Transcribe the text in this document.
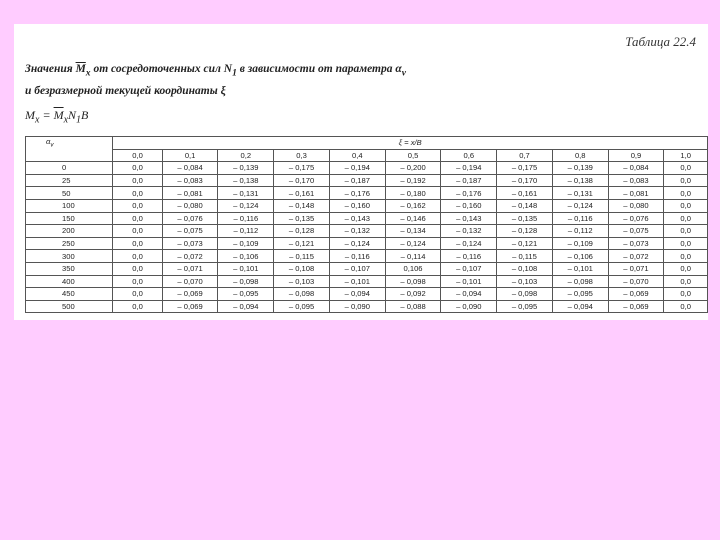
Таблица 22.4
Значения $\overline{M}_x$ от сосредоточенных сил $N_1$ в зависимости от параметра $\alpha_v$
и безразмерной текущей координаты ξ
$M_x = \overline{M}_xN_1B$
$\alpha_v$	ξ = x/B										
	0,0	0,1	0,2	0,3	0,4	0,5	0,6	0,7	0,8	0,9	1,0
0	0,0	– 0,084	– 0,139	– 0,175	– 0,194	– 0,200	– 0,194	– 0,175	– 0,139	– 0,084	0,0
25	0,0	– 0,083	– 0,138	– 0,170	– 0,187	– 0,192	– 0,187	– 0,170	– 0,138	– 0,083	0,0
50	0,0	– 0,081	– 0,131	– 0,161	– 0,176	– 0,180	– 0,176	– 0,161	– 0,131	– 0,081	0,0
100	0,0	– 0,080	– 0,124	– 0,148	– 0,160	– 0,162	– 0,160	– 0,148	– 0,124	– 0,080	0,0
150	0,0	– 0,076	– 0,116	– 0,135	– 0,143	– 0,146	– 0,143	– 0,135	– 0,116	– 0,076	0,0
200	0,0	– 0,075	– 0,112	– 0,128	– 0,132	– 0,134	– 0,132	– 0,128	– 0,112	– 0,075	0,0
250	0,0	– 0,073	– 0,109	– 0,121	– 0,124	– 0,124	– 0,124	– 0,121	– 0,109	– 0,073	0,0
300	0,0	– 0,072	– 0,106	– 0,115	– 0,116	– 0,114	– 0,116	– 0,115	– 0,106	– 0,072	0,0
350	0,0	– 0,071	– 0,101	– 0,108	– 0,107	0,106	– 0,107	– 0,108	– 0,101	– 0,071	0,0
400	0,0	– 0,070	– 0,098	– 0,103	– 0,101	– 0,098	– 0,101	– 0,103	– 0,098	– 0,070	0,0
450	0,0	– 0,069	– 0,095	– 0,098	– 0,094	– 0,092	– 0,094	– 0,098	– 0,095	– 0,069	0,0
500	0,0	– 0,069	– 0,094	– 0,095	– 0,090	– 0,088	– 0,090	– 0,095	– 0,094	– 0,069	0,0
